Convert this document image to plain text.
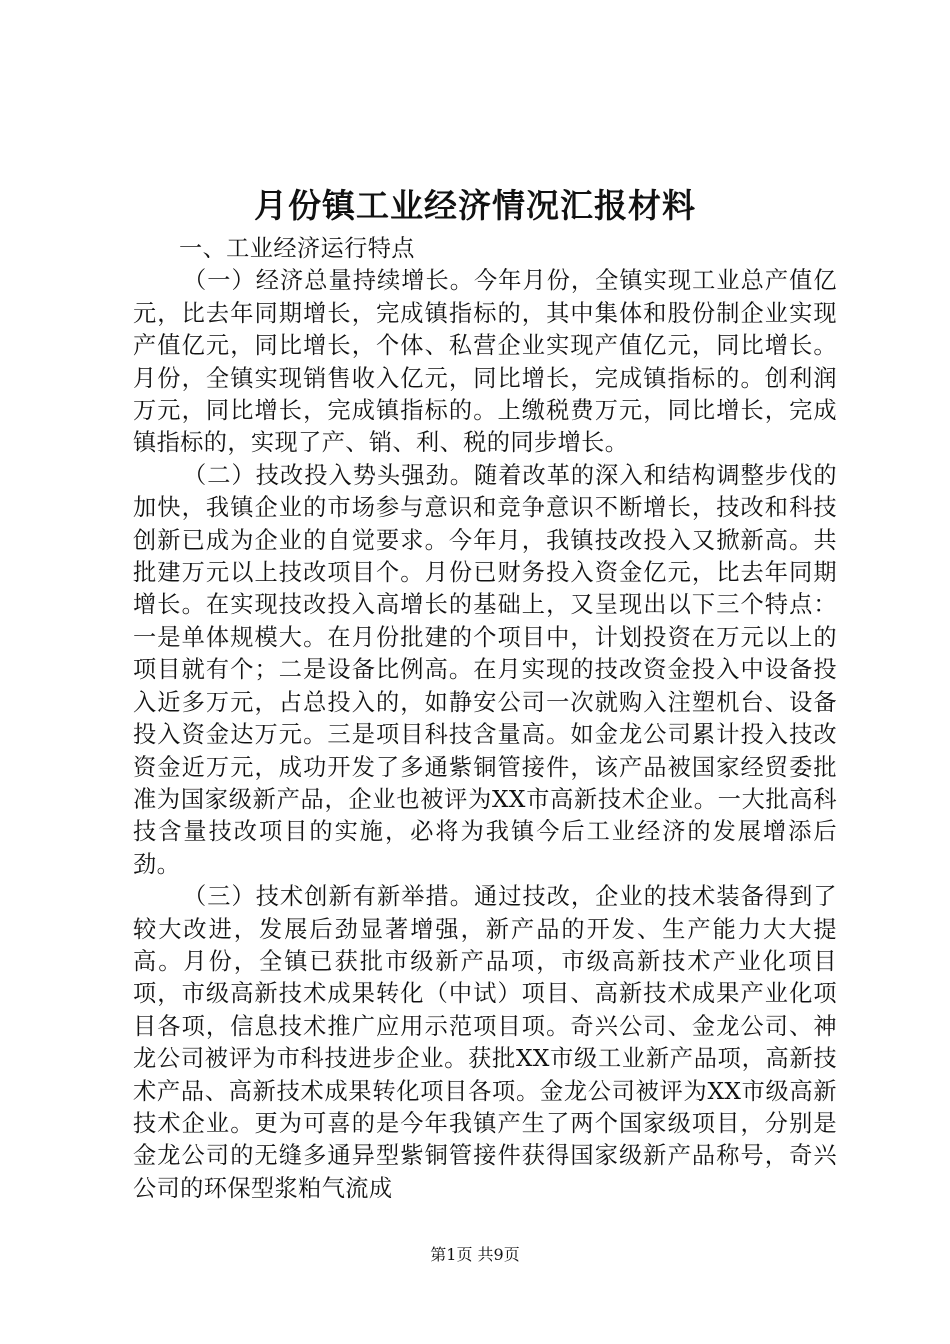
月份镇工业经济情况汇报材料

一、工业经济运行特点

（一）经济总量持续增长。今年月份，全镇实现工业总产值亿元，比去年同期增长，完成镇指标的，其中集体和股份制企业实现产值亿元，同比增长，个体、私营企业实现产值亿元，同比增长。月份，全镇实现销售收入亿元，同比增长，完成镇指标的。创利润万元，同比增长，完成镇指标的。上缴税费万元，同比增长，完成镇指标的，实现了产、销、利、税的同步增长。

（二）技改投入势头强劲。随着改革的深入和结构调整步伐的加快，我镇企业的市场参与意识和竞争意识不断增长，技改和科技创新已成为企业的自觉要求。今年月，我镇技改投入又掀新高。共批建万元以上技改项目个。月份已财务投入资金亿元，比去年同期增长。在实现技改投入高增长的基础上，又呈现出以下三个特点：一是单体规模大。在月份批建的个项目中，计划投资在万元以上的项目就有个；二是设备比例高。在月实现的技改资金投入中设备投入近多万元，占总投入的，如静安公司一次就购入注塑机台、设备投入资金达万元。三是项目科技含量高。如金龙公司累计投入技改资金近万元，成功开发了多通紫铜管接件，该产品被国家经贸委批准为国家级新产品，企业也被评为XX市高新技术企业。一大批高科技含量技改项目的实施，必将为我镇今后工业经济的发展增添后劲。

（三）技术创新有新举措。通过技改，企业的技术装备得到了较大改进，发展后劲显著增强，新产品的开发、生产能力大大提高。月份，全镇已获批市级新产品项，市级高新技术产业化项目项，市级高新技术成果转化（中试）项目、高新技术成果产业化项目各项，信息技术推广应用示范项目项。奇兴公司、金龙公司、神龙公司被评为市科技进步企业。获批XX市级工业新产品项，高新技术产品、高新技术成果转化项目各项。金龙公司被评为XX市级高新技术企业。更为可喜的是今年我镇产生了两个国家级项目，分别是金龙公司的无缝多通异型紫铜管接件获得国家级新产品称号，奇兴公司的环保型浆粕气流成

第1页 共9页
